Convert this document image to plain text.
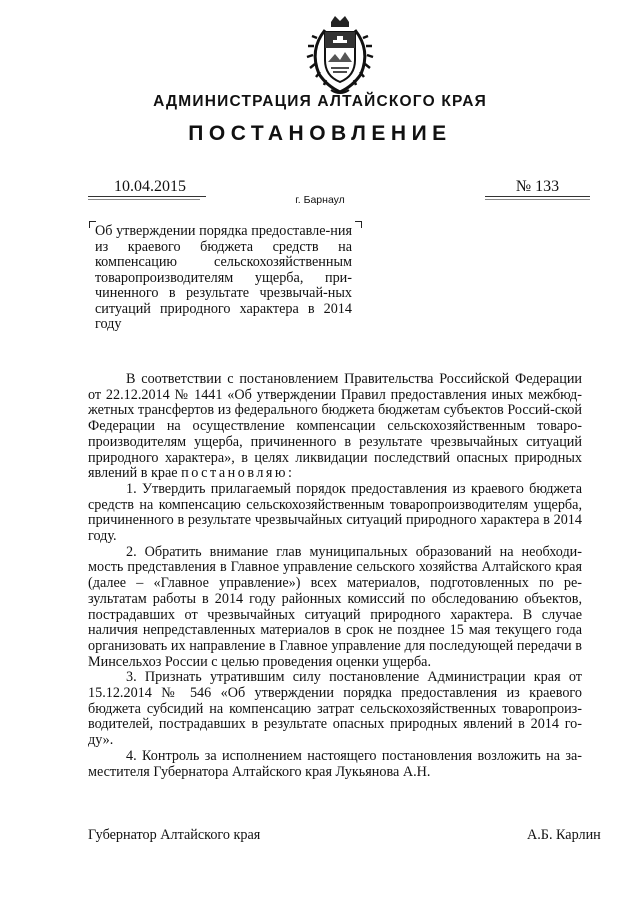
АДМИНИСТРАЦИЯ АЛТАЙСКОГО КРАЯ
ПОСТАНОВЛЕНИЕ
10.04.2015
г. Барнаул
№ 133
Об утверждении порядка предоставле-ния из краевого бюджета средств на компенсацию сельскохозяйственным товаропроизводителям ущерба, при-чиненного в результате чрезвычай-ных ситуаций природного характера в 2014 году

В соответствии с постановлением Правительства Российской Федерации от 22.12.2014 № 1441 «Об утверждении Правил предоставления иных межбюд-жетных трансфертов из федерального бюджета бюджетам субъектов Россий-ской Федерации на осуществление компенсации сельскохозяйственным товаро-производителям ущерба, причиненного в результате чрезвычайных ситуаций природного характера», в целях ликвидации последствий опасных природных явлений в крае постановляю:

1. Утвердить прилагаемый порядок предоставления из краевого бюджета средств на компенсацию сельскохозяйственным товаропроизводителям ущерба, причиненного в результате чрезвычайных ситуаций природного характера в 2014 году.

2. Обратить внимание глав муниципальных образований на необходи-мость представления в Главное управление сельского хозяйства Алтайского края (далее – «Главное управление») всех материалов, подготовленных по ре-зультатам работы в 2014 году районных комиссий по обследованию объектов, пострадавших от чрезвычайных ситуаций природного характера. В случае наличия непредставленных материалов в срок не позднее 15 мая текущего года организовать их направление в Главное управление для последующей передачи в Минсельхоз России с целью проведения оценки ущерба.

3. Признать утратившим силу постановление Администрации края от 15.12.2014 № 546 «Об утверждении порядка предоставления из краевого бюджета субсидий на компенсацию затрат сельскохозяйственных товаропроиз-водителей, пострадавших в результате опасных природных явлений в 2014 го-ду».

4. Контроль за исполнением настоящего постановления возложить на за-местителя Губернатора Алтайского края Лукьянова А.Н.

Губернатор Алтайского края	А.Б. Карлин
